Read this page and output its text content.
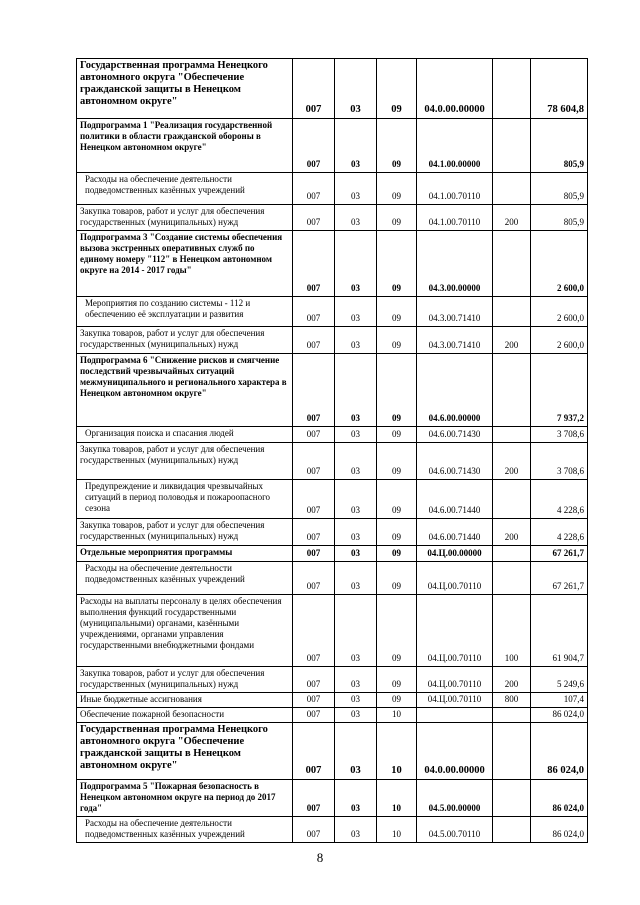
Государственная программа Ненецкого автономного округа "Обеспечение гражданской защиты в Ненецком автономном округе"	007	03	09	04.0.00.00000		78 604,8
Подпрограмма 1 "Реализация государственной политики в области гражданской обороны в Ненецком автономном округе"	007	03	09	04.1.00.00000		805,9
Расходы на обеспечение деятельности подведомственных казённых учреждений	007	03	09	04.1.00.70110		805,9
Закупка товаров, работ и услуг для обеспечения государственных (муниципальных) нужд	007	03	09	04.1.00.70110	200	805,9
Подпрограмма 3 "Создание системы обеспечения вызова экстренных оперативных служб по единому номеру "112" в Ненецком автономном округе на 2014 - 2017 годы"	007	03	09	04.3.00.00000		2 600,0
Мероприятия по созданию системы - 112 и обеспечению её эксплуатации и развития	007	03	09	04.3.00.71410		2 600,0
Закупка товаров, работ и услуг для обеспечения государственных (муниципальных) нужд	007	03	09	04.3.00.71410	200	2 600,0
Подпрограмма 6 "Снижение рисков и смягчение последствий чрезвычайных ситуаций межмуниципального и регионального характера в Ненецком автономном округе"	007	03	09	04.6.00.00000		7 937,2
Организация поиска и спасания людей	007	03	09	04.6.00.71430		3 708,6
Закупка товаров, работ и услуг для обеспечения государственных (муниципальных) нужд	007	03	09	04.6.00.71430	200	3 708,6
Предупреждение и ликвидация чрезвычайных ситуаций в период половодья и пожароопасного сезона	007	03	09	04.6.00.71440		4 228,6
Закупка товаров, работ и услуг для обеспечения государственных (муниципальных) нужд	007	03	09	04.6.00.71440	200	4 228,6
Отдельные мероприятия программы	007	03	09	04.Ц.00.00000		67 261,7
Расходы на обеспечение деятельности подведомственных казённых учреждений	007	03	09	04.Ц.00.70110		67 261,7
Расходы на выплаты персоналу в целях обеспечения выполнения функций государственными (муниципальными) органами, казёнными учреждениями, органами управления государственными внебюджетными фондами	007	03	09	04.Ц.00.70110	100	61 904,7
Закупка товаров, работ и услуг для обеспечения государственных (муниципальных) нужд	007	03	09	04.Ц.00.70110	200	5 249,6
Иные бюджетные ассигнования	007	03	09	04.Ц.00.70110	800	107,4
Обеспечение пожарной безопасности	007	03	10			86 024,0
Государственная программа Ненецкого автономного округа "Обеспечение гражданской защиты в Ненецком автономном округе"	007	03	10	04.0.00.00000		86 024,0
Подпрограмма 5 "Пожарная безопасность в Ненецком автономном округе на период до 2017 года"	007	03	10	04.5.00.00000		86 024,0
Расходы на обеспечение деятельности подведомственных казённых учреждений	007	03	10	04.5.00.70110		86 024,0
8
